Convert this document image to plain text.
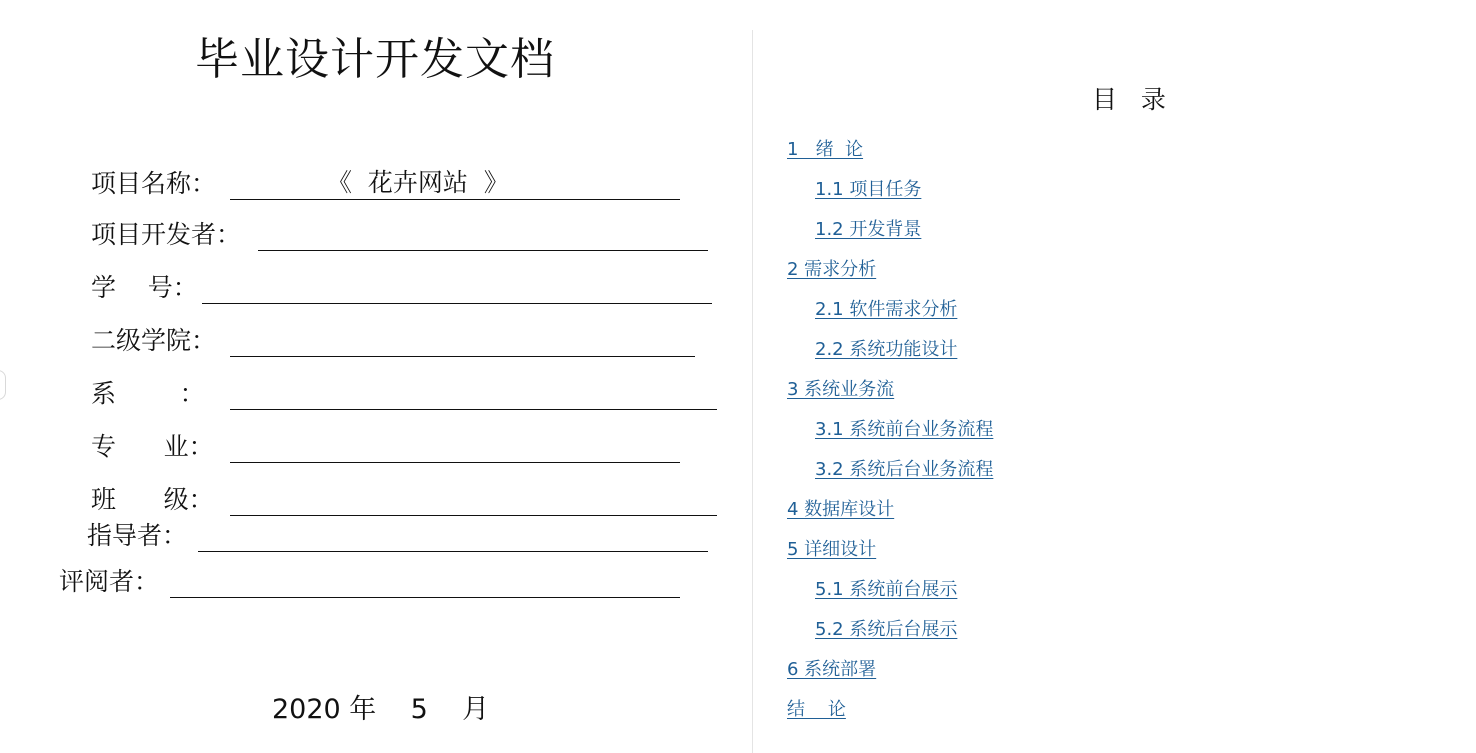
毕业设计开发文档
项目名称：	《  花卉网站  》
项目开发者：
学    号：
二级学院：
系        ：
专      业：
班      级：
指导者：
评阅者：
2020 年    5    月
目   录
1   绪  论
1.1 项目任务
1.2 开发背景
2 需求分析
2.1 软件需求分析
2.2 系统功能设计
3 系统业务流
3.1 系统前台业务流程
3.2 系统后台业务流程
4 数据库设计
5 详细设计
5.1 系统前台展示
5.2 系统后台展示
6 系统部署
结    论
